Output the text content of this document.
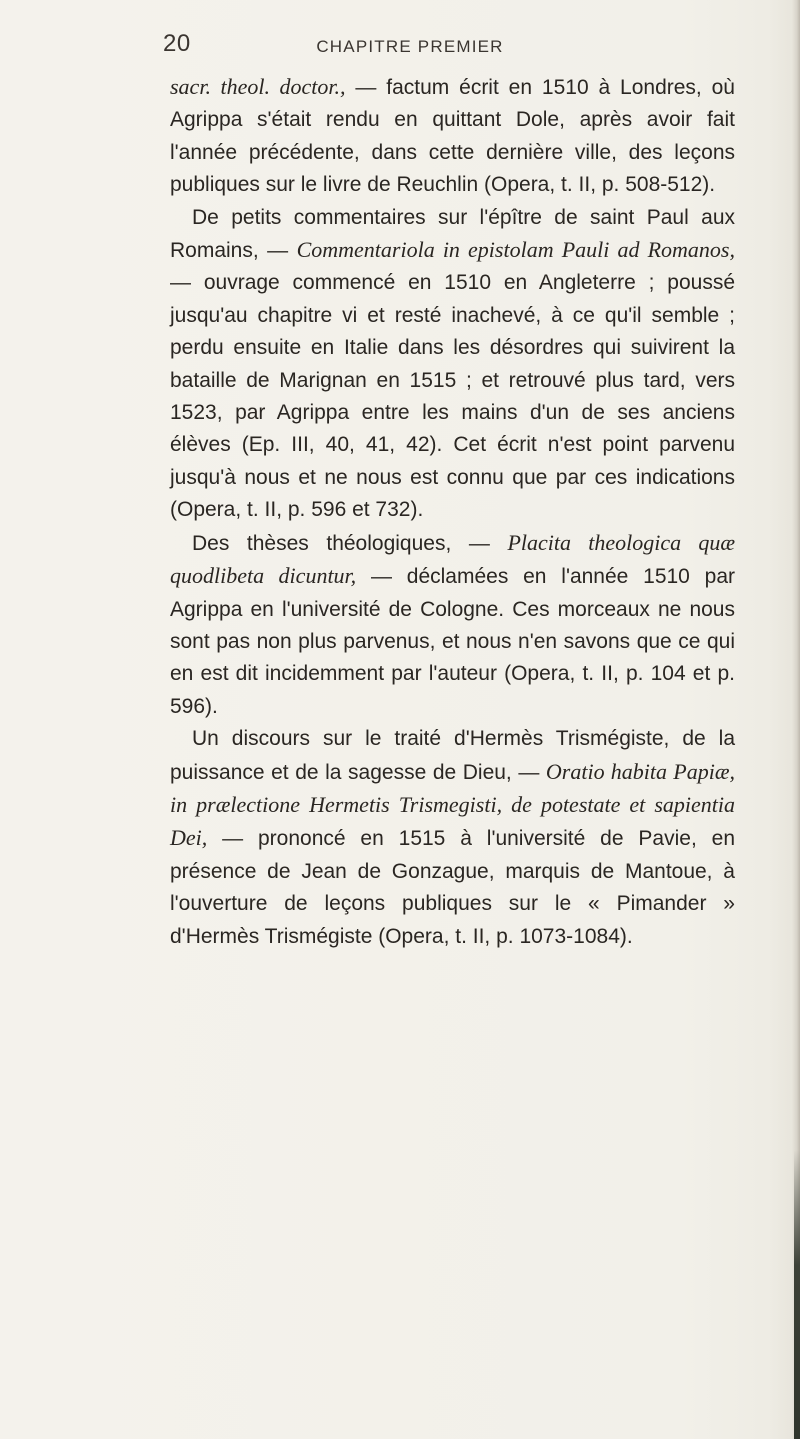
20	CHAPITRE PREMIER

sacr. theol. doctor., — factum écrit en 1510 à Londres, où Agrippa s'était rendu en quittant Dole, après avoir fait l'année précédente, dans cette dernière ville, des leçons publiques sur le livre de Reuchlin (Opera, t. II, p. 508-512).

De petits commentaires sur l'épître de saint Paul aux Romains, — Commentariola in epistolam Pauli ad Romanos, — ouvrage commencé en 1510 en Angleterre ; poussé jusqu'au chapitre vi et resté inachevé, à ce qu'il semble ; perdu ensuite en Italie dans les désordres qui suivirent la bataille de Marignan en 1515 ; et retrouvé plus tard, vers 1523, par Agrippa entre les mains d'un de ses anciens élèves (Ep. III, 40, 41, 42). Cet écrit n'est point parvenu jusqu'à nous et ne nous est connu que par ces indications (Opera, t. II, p. 596 et 732).

Des thèses théologiques, — Placita theologica quæ quodlibeta dicuntur, — déclamées en l'année 1510 par Agrippa en l'université de Cologne. Ces morceaux ne nous sont pas non plus parvenus, et nous n'en savons que ce qui en est dit incidemment par l'auteur (Opera, t. II, p. 104 et p. 596).

Un discours sur le traité d'Hermès Trismégiste, de la puissance et de la sagesse de Dieu, — Oratio habita Papiæ, in prælectione Hermetis Trismegisti, de potestate et sapientia Dei, — prononcé en 1515 à l'université de Pavie, en présence de Jean de Gonzague, marquis de Mantoue, à l'ouverture de leçons publiques sur le « Pimander » d'Hermès Trismégiste (Opera, t. II, p. 1073-1084).
